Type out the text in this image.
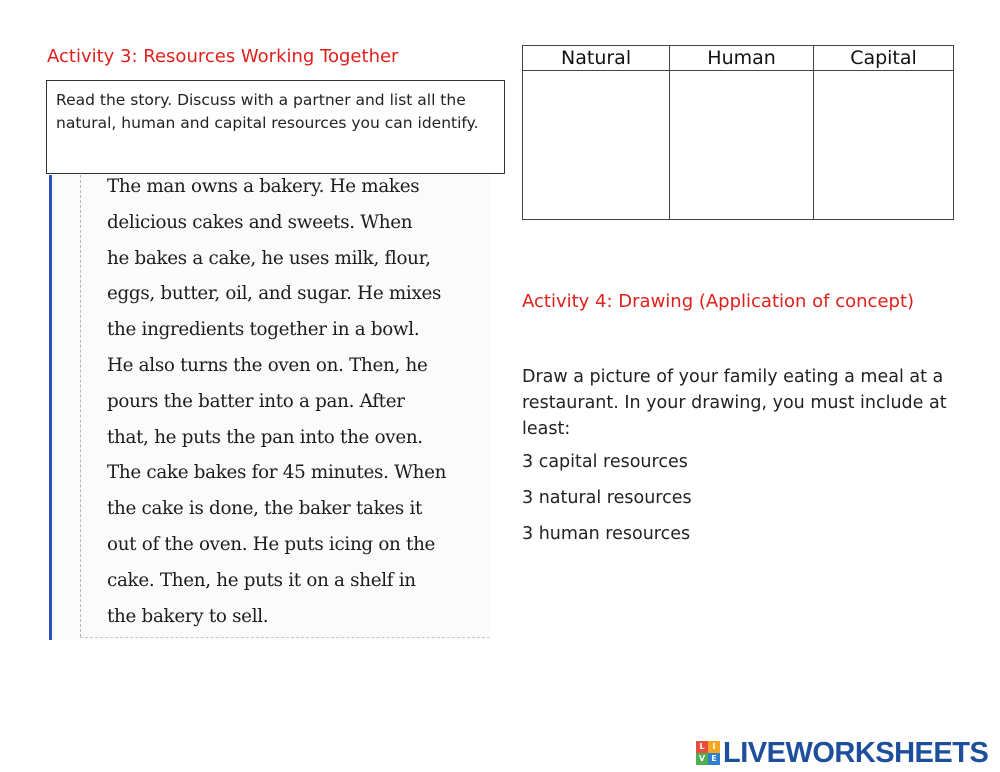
Activity 3: Resources Working Together
Read the story. Discuss with a partner and list all the natural, human and capital resources you can identify.
The man owns a bakery. He makes
delicious cakes and sweets. When
he bakes a cake, he uses milk, flour,
eggs, butter, oil, and sugar. He mixes
the ingredients together in a bowl.
He also turns the oven on. Then, he
pours the batter into a pan. After
that, he puts the pan into the oven.
The cake bakes for 45 minutes. When
the cake is done, the baker takes it
out of the oven. He puts icing on the
cake. Then, he puts it on a shelf in
the bakery to sell.
Natural	Human	Capital

Activity 4: Drawing (Application of concept)
Draw a picture of your family eating a meal at a restaurant. In your drawing, you must include at least:
3 capital resources
3 natural resources
3 human resources
L I
V E LIVEWORKSHEETS
